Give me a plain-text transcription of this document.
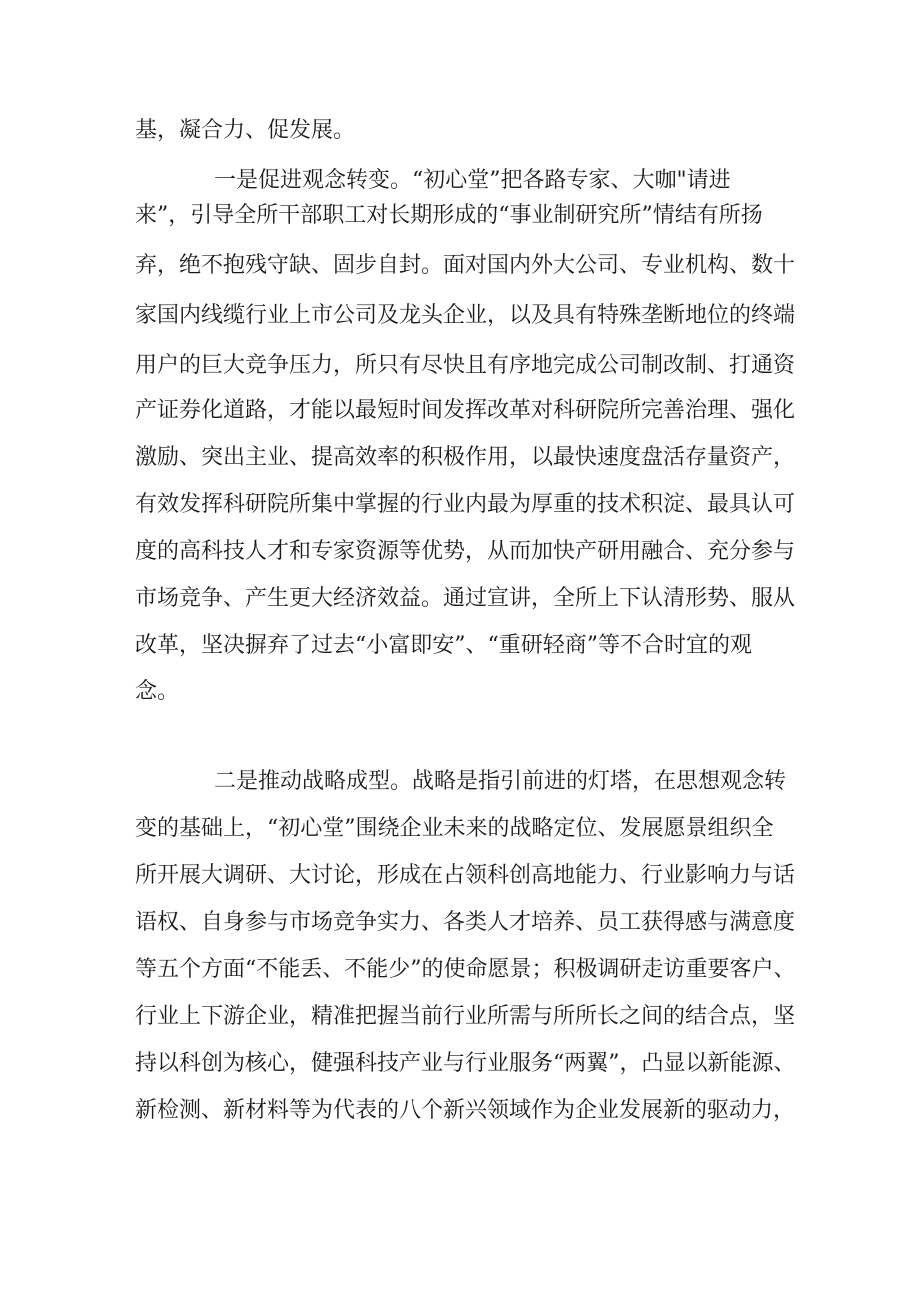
基，凝合力、促发展。

一是促进观念转变。“初心堂”把各路专家、大咖"请进

来”，引导全所干部职工对长期形成的“事业制研究所”情结有所扬

弃，绝不抱残守缺、固步自封。面对国内外大公司、专业机构、数十

家国内线缆行业上市公司及龙头企业，以及具有特殊垄断地位的终端

用户的巨大竞争压力，所只有尽快且有序地完成公司制改制、打通资

产证券化道路，才能以最短时间发挥改革对科研院所完善治理、强化

激励、突出主业、提高效率的积极作用，以最快速度盘活存量资产，

有效发挥科研院所集中掌握的行业内最为厚重的技术积淀、最具认可

度的高科技人才和专家资源等优势，从而加快产研用融合、充分参与

市场竞争、产生更大经济效益。通过宣讲，全所上下认清形势、服从

改革，坚决摒弃了过去“小富即安”、“重研轻商”等不合时宜的观

念。

二是推动战略成型。战略是指引前进的灯塔，在思想观念转

变的基础上，“初心堂”围绕企业未来的战略定位、发展愿景组织全

所开展大调研、大讨论，形成在占领科创高地能力、行业影响力与话

语权、自身参与市场竞争实力、各类人才培养、员工获得感与满意度

等五个方面“不能丢、不能少”的使命愿景；积极调研走访重要客户、

行业上下游企业，精准把握当前行业所需与所所长之间的结合点，坚

持以科创为核心，健强科技产业与行业服务“两翼”，凸显以新能源、

新检测、新材料等为代表的八个新兴领域作为企业发展新的驱动力，
